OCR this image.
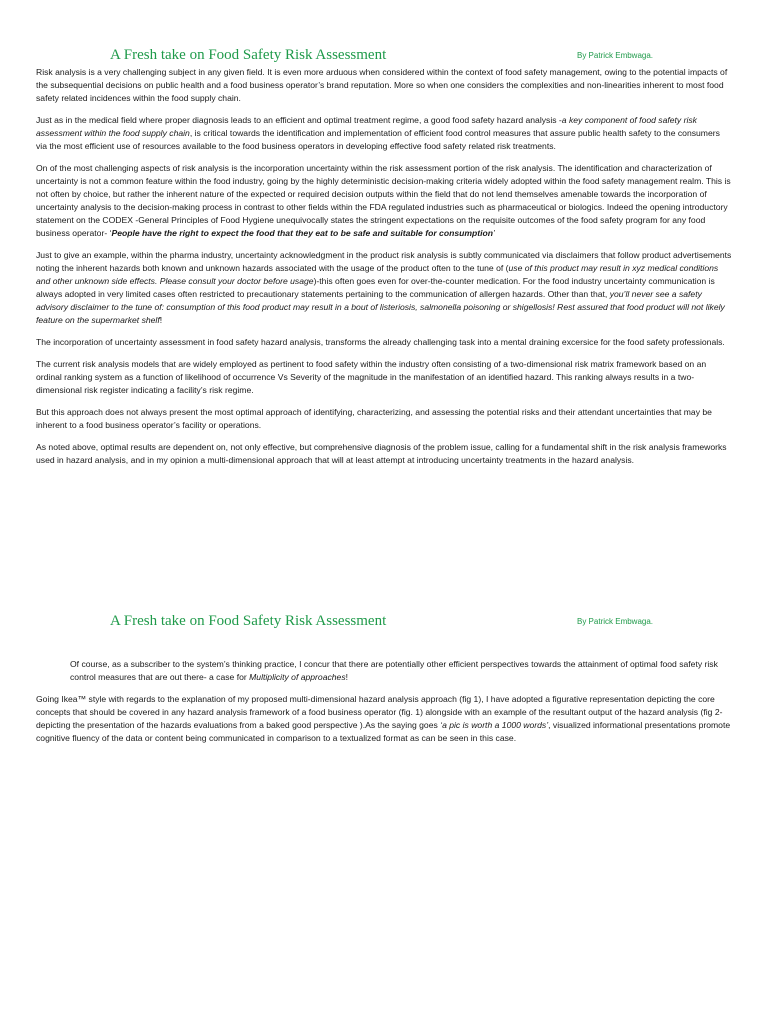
A Fresh take on Food Safety Risk Assessment	By Patrick Embwaga.

Risk analysis is a very challenging subject in any given field. It is even more arduous when considered within the context of food safety management, owing to the potential impacts of the subsequential decisions on public health and a food business operator’s brand reputation. More so when one considers the complexities and non-linearities inherent to most food safety related incidences within the food supply chain.

Just as in the medical field where proper diagnosis leads to an efficient and optimal treatment regime, a good food safety hazard analysis -a key component of food safety risk assessment within the food supply chain, is critical towards the identification and implementation of efficient food control measures that assure public health safety to the consumers via the most efficient use of resources available to the food business operators in developing effective food safety related risk treatments.

On of the most challenging aspects of risk analysis is the incorporation uncertainty within the risk assessment portion of the risk analysis. The identification and characterization of uncertainty is not a common feature within the food industry, going by the highly deterministic decision-making criteria widely adopted within the food safety management realm. This is not often by choice, but rather the inherent nature of the expected or required decision outputs within the field that do not lend themselves amenable towards the incorporation of uncertainty analysis to the decision-making process in contrast to other fields within the FDA regulated industries such as pharmaceutical or biologics. Indeed the opening introductory statement on the CODEX -General Principles of Food Hygiene unequivocally states the stringent expectations on the requisite outcomes of the food safety program for any food business operator- ‘People have the right to expect the food that they eat to be safe and suitable for consumption’

Just to give an example, within the pharma industry, uncertainty acknowledgment in the product risk analysis is subtly communicated via disclaimers that follow product advertisements noting the inherent hazards both known and unknown hazards associated with the usage of the product often to the tune of (use of this product may result in xyz medical conditions and other unknown side effects. Please consult your doctor before usage)-this often goes even for over-the-counter medication. For the food industry uncertainty communication is always adopted in very limited cases often restricted to precautionary statements pertaining to the communication of allergen hazards. Other than that, you’ll never see a safety advisory disclaimer to the tune of: consumption of this food product may result in a bout of listeriosis, salmonella poisoning or shigellosis! Rest assured that food product will not likely feature on the supermarket shelf!

The incorporation of uncertainty assessment in food safety hazard analysis, transforms the already challenging task into a mental draining excersice for the food safety professionals.

The current risk analysis models that are widely employed as pertinent to food safety within the industry often consisting of a two-dimensional risk matrix framework based on an ordinal ranking system as a function of likelihood of occurrence Vs Severity of the magnitude in the manifestation of an identified hazard. This ranking always results in a two-dimensional risk register indicating a facility’s risk regime.

But this approach does not always present the most optimal approach of identifying, characterizing, and assessing the potential risks and their attendant uncertainties that may be inherent to a food business operator’s facility or operations.

As noted above, optimal results are dependent on, not only effective, but comprehensive diagnosis of the problem issue, calling for a fundamental shift in the risk analysis frameworks used in hazard analysis, and in my opinion a multi-dimensional approach that will at least attempt at introducing uncertainty treatments in the hazard analysis.

A Fresh take on Food Safety Risk Assessment	By Patrick Embwaga.

Of course, as a subscriber to the system’s thinking practice, I concur that there are potentially other efficient perspectives towards the attainment of optimal food safety risk control measures that are out there- a case for Multiplicity of approaches!

Going Ikea™ style with regards to the explanation of my proposed multi-dimensional hazard analysis approach (fig 1), I have adopted a figurative representation depicting the core concepts that should be covered in any hazard analysis framework of a food business operator (fig. 1) alongside with an example of the resultant output of the hazard analysis (fig 2-depicting the presentation of the hazards evaluations from a baked good perspective ).As the saying goes ‘a pic is worth a 1000 words’, visualized informational presentations promote cognitive fluency of the data or content being communicated in comparison to a textualized format as can be seen in this case.
